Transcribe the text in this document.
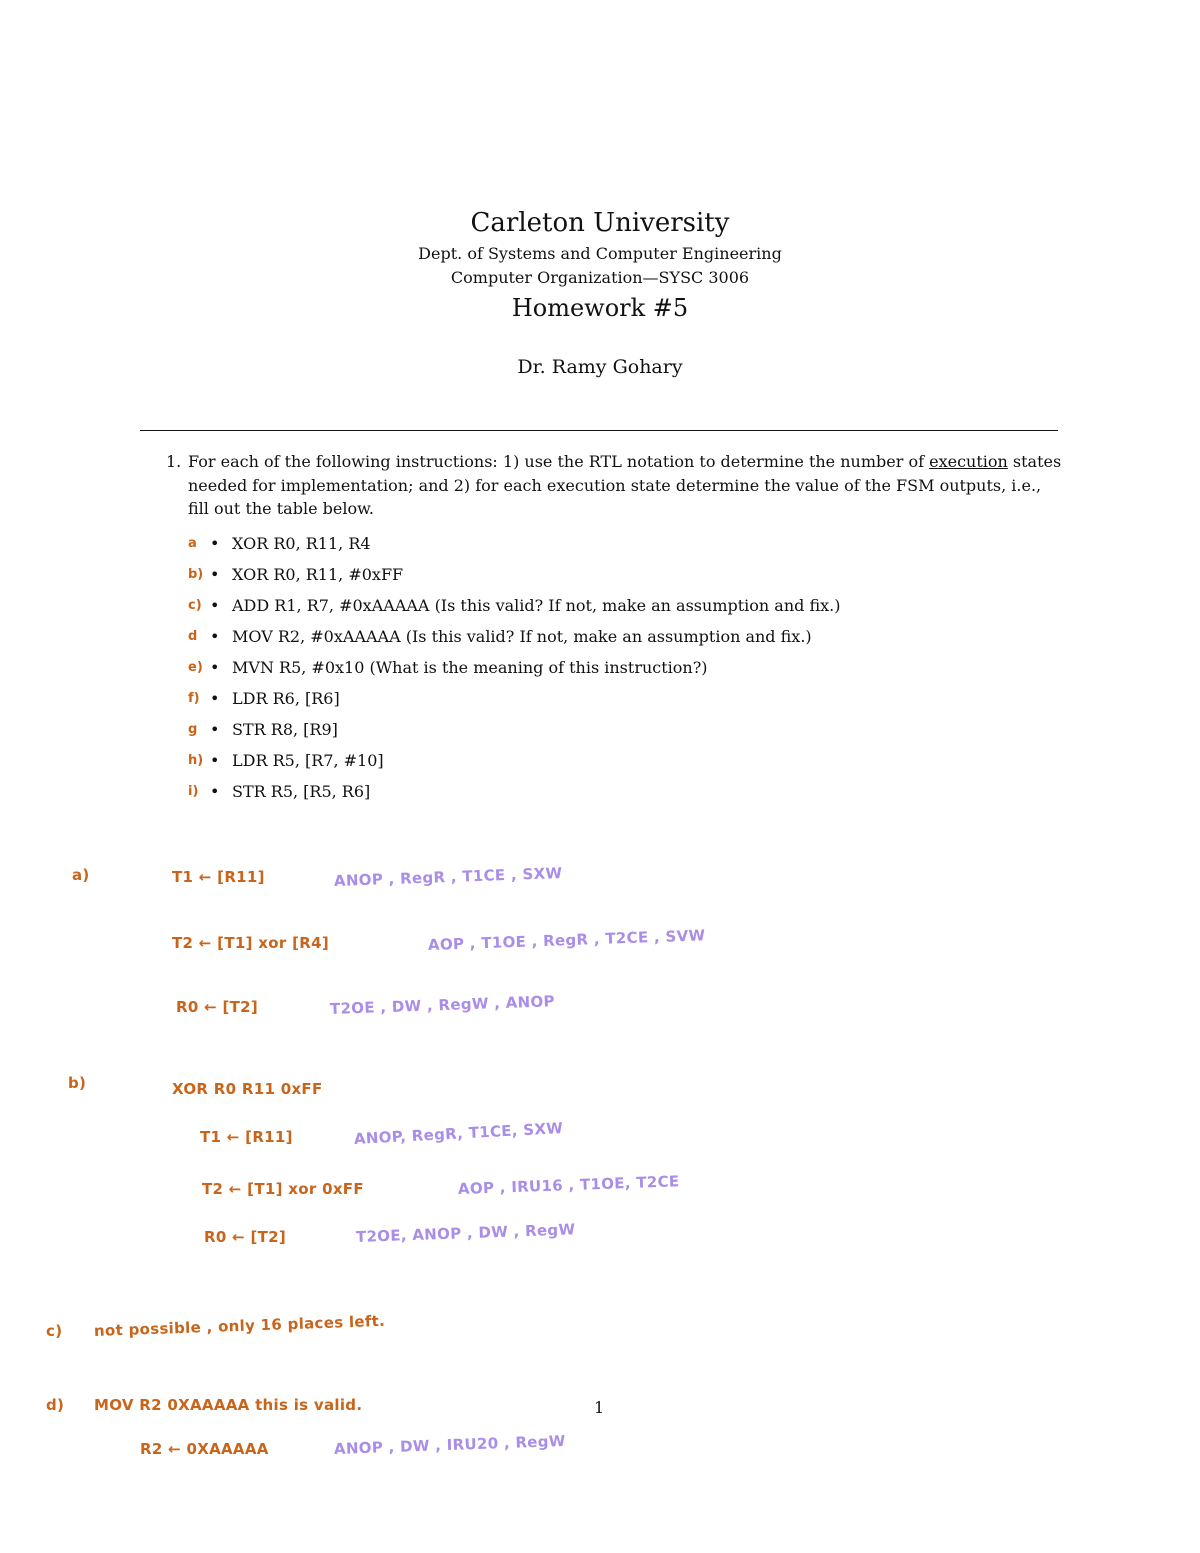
Carleton University
Dept. of Systems and Computer Engineering
Computer Organization—SYSC 3006
Homework #5
Dr. Ramy Gohary
1. For each of the following instructions: 1) use the RTL notation to determine the number of execution states needed for implementation; and 2) for each execution state determine the value of the FSM outputs, i.e., fill out the table below.
a • XOR R0, R11, R4
b) • XOR R0, R11, #0xFF
c) • ADD R1, R7, #0xAAAAA (Is this valid? If not, make an assumption and fix.)
d • MOV R2, #0xAAAAA (Is this valid? If not, make an assumption and fix.)
e) • MVN R5, #0x10 (What is the meaning of this instruction?)
f) • LDR R6, [R6]
g • STR R8, [R9]
h) • LDR R5, [R7, #10]
i) • STR R5, [R5, R6]
a)	T1 ← [R11]	ANOP , RegR , T1CE , SXW
T2 ← [T1] xor [R4]	AOP , T1OE , RegR , T2CE , SVW
R0 ← [T2]	T2OE , DW , RegW , ANOP
b)	XOR R0 R11 0xFF
T1 ← [R11]	ANOP, RegR, T1CE, SXW
T2 ← [T1] xor 0xFF	AOP , IRU16 , T1OE, T2CE
R0 ← [T2]	T2OE, ANOP , DW , RegW
c) not possible , only 16 places left.
d) MOV R2 0XAAAAA this is valid.
R2 ← 0XAAAAA	ANOP , DW , IRU20 , RegW
1
